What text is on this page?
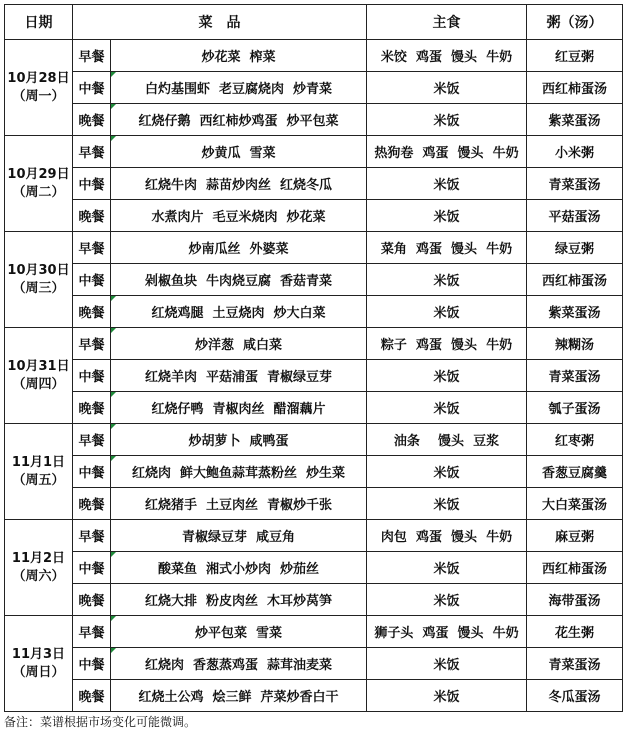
日期	菜　品		主食	粥（汤）

10月28日
（周一）	早餐	炒花菜  榨菜	米饺  鸡蛋  馒头  牛奶	红豆粥
	中餐	白灼基围虾  老豆腐烧肉  炒青菜	米饭	西红柿蛋汤
	晚餐	红烧仔鹅  西红柿炒鸡蛋  炒平包菜	米饭	紫菜蛋汤

10月29日
（周二）	早餐	炒黄瓜  雪菜	热狗卷  鸡蛋  馒头  牛奶	小米粥
	中餐	红烧牛肉  蒜苗炒肉丝  红烧冬瓜	米饭	青菜蛋汤
	晚餐	水煮肉片  毛豆米烧肉  炒花菜	米饭	平菇蛋汤

10月30日
（周三）	早餐	炒南瓜丝  外婆菜	菜角  鸡蛋  馒头  牛奶	绿豆粥
	中餐	剁椒鱼块  牛肉烧豆腐  香菇青菜	米饭	西红柿蛋汤
	晚餐	红烧鸡腿  土豆烧肉  炒大白菜	米饭	紫菜蛋汤

10月31日
（周四）	早餐	炒洋葱  咸白菜	粽子  鸡蛋  馒头  牛奶	辣糊汤
	中餐	红烧羊肉  平菇浦蛋  青椒绿豆芽	米饭	青菜蛋汤
	晚餐	红烧仔鸭  青椒肉丝  醋溜藕片	米饭	瓠子蛋汤

11月1日
（周五）	早餐	炒胡萝卜  咸鸭蛋	油条    馒头  豆浆	红枣粥
	中餐	红烧肉  鲜大鲍鱼蒜茸蒸粉丝  炒生菜	米饭	香葱豆腐羹
	晚餐	红烧猪手  土豆肉丝  青椒炒千张	米饭	大白菜蛋汤

11月2日
（周六）	早餐	青椒绿豆芽  咸豆角	肉包  鸡蛋  馒头  牛奶	麻豆粥
	中餐	酸菜鱼  湘式小炒肉  炒茄丝	米饭	西红柿蛋汤
	晚餐	红烧大排  粉皮肉丝  木耳炒莴笋	米饭	海带蛋汤

11月3日
（周日）	早餐	炒平包菜  雪菜	狮子头  鸡蛋  馒头  牛奶	花生粥
	中餐	红烧肉  香葱蒸鸡蛋  蒜茸油麦菜	米饭	青菜蛋汤
	晚餐	红烧土公鸡  烩三鲜  芹菜炒香白干	米饭	冬瓜蛋汤
备注：菜谱根据市场变化可能微调。
